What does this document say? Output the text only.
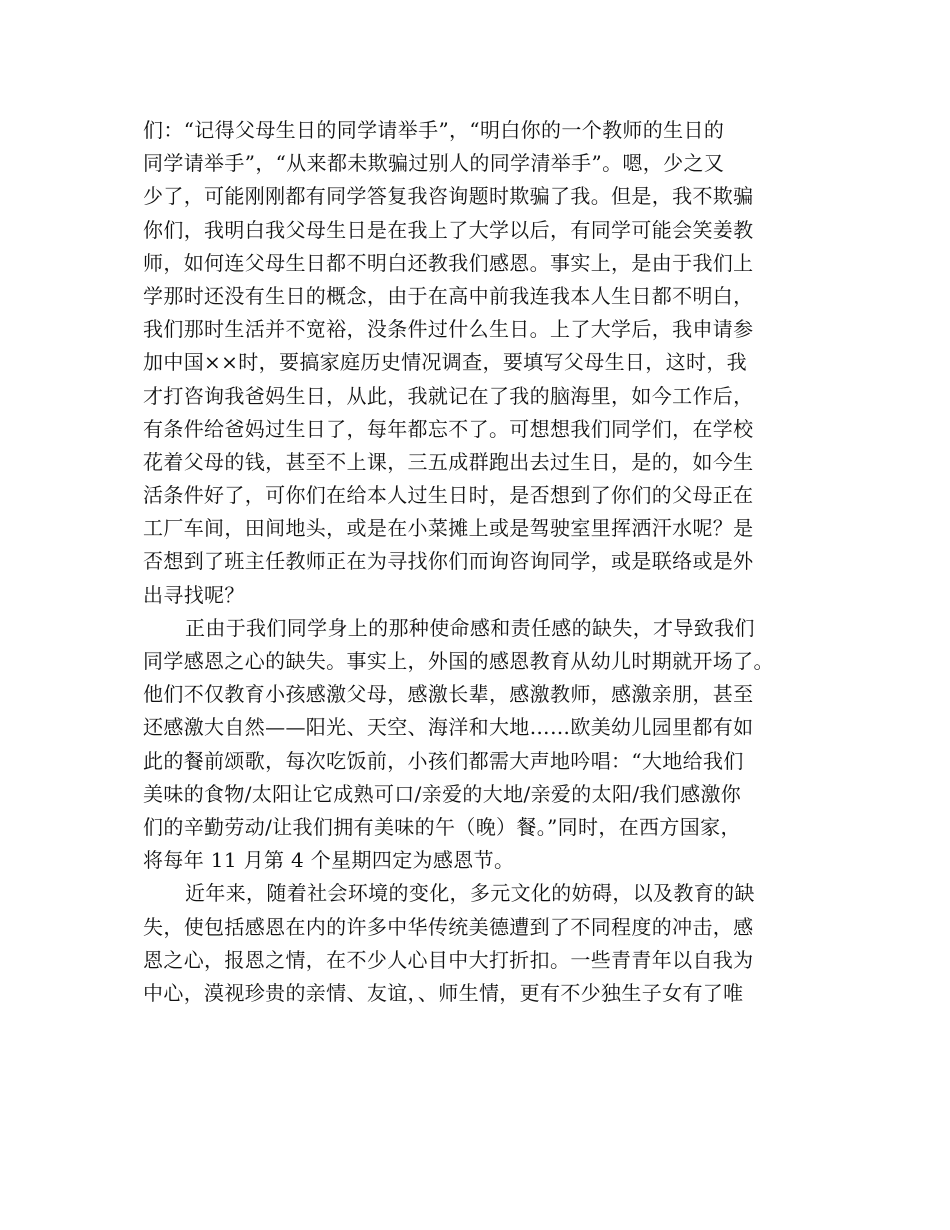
们：“记得父母生日的同学请举手”，“明白你的一个教师的生日的
同学请举手”，“从来都未欺骗过别人的同学清举手”。嗯，少之又
少了，可能刚刚都有同学答复我咨询题时欺骗了我。但是，我不欺骗
你们，我明白我父母生日是在我上了大学以后，有同学可能会笑姜教
师，如何连父母生日都不明白还教我们感恩。事实上，是由于我们上
学那时还没有生日的概念，由于在高中前我连我本人生日都不明白，
我们那时生活并不宽裕，没条件过什么生日。上了大学后，我申请参
加中国××时，要搞家庭历史情况调查，要填写父母生日，这时，我
才打咨询我爸妈生日，从此，我就记在了我的脑海里，如今工作后，
有条件给爸妈过生日了，每年都忘不了。可想想我们同学们，在学校
花着父母的钱，甚至不上课，三五成群跑出去过生日，是的，如今生
活条件好了，可你们在给本人过生日时，是否想到了你们的父母正在
工厂车间，田间地头，或是在小菜摊上或是驾驶室里挥洒汗水呢？是
否想到了班主任教师正在为寻找你们而询咨询同学，或是联络或是外
出寻找呢？
正由于我们同学身上的那种使命感和责任感的缺失，才导致我们
同学感恩之心的缺失。事实上，外国的感恩教育从幼儿时期就开场了。
他们不仅教育小孩感激父母，感激长辈，感激教师，感激亲朋，甚至
还感激大自然——阳光、天空、海洋和大地……欧美幼儿园里都有如
此的餐前颂歌，每次吃饭前，小孩们都需大声地吟唱：“大地给我们
美味的食物/太阳让它成熟可口/亲爱的大地/亲爱的太阳/我们感激你
们的辛勤劳动/让我们拥有美味的午（晚）餐。”同时，在西方国家，
将每年 11 月第 4 个星期四定为感恩节。
近年来，随着社会环境的变化，多元文化的妨碍，以及教育的缺
失，使包括感恩在内的许多中华传统美德遭到了不同程度的冲击，感
恩之心，报恩之情，在不少人心目中大打折扣。一些青青年以自我为
中心，漠视珍贵的亲情、友谊，、师生情，更有不少独生子女有了唯
